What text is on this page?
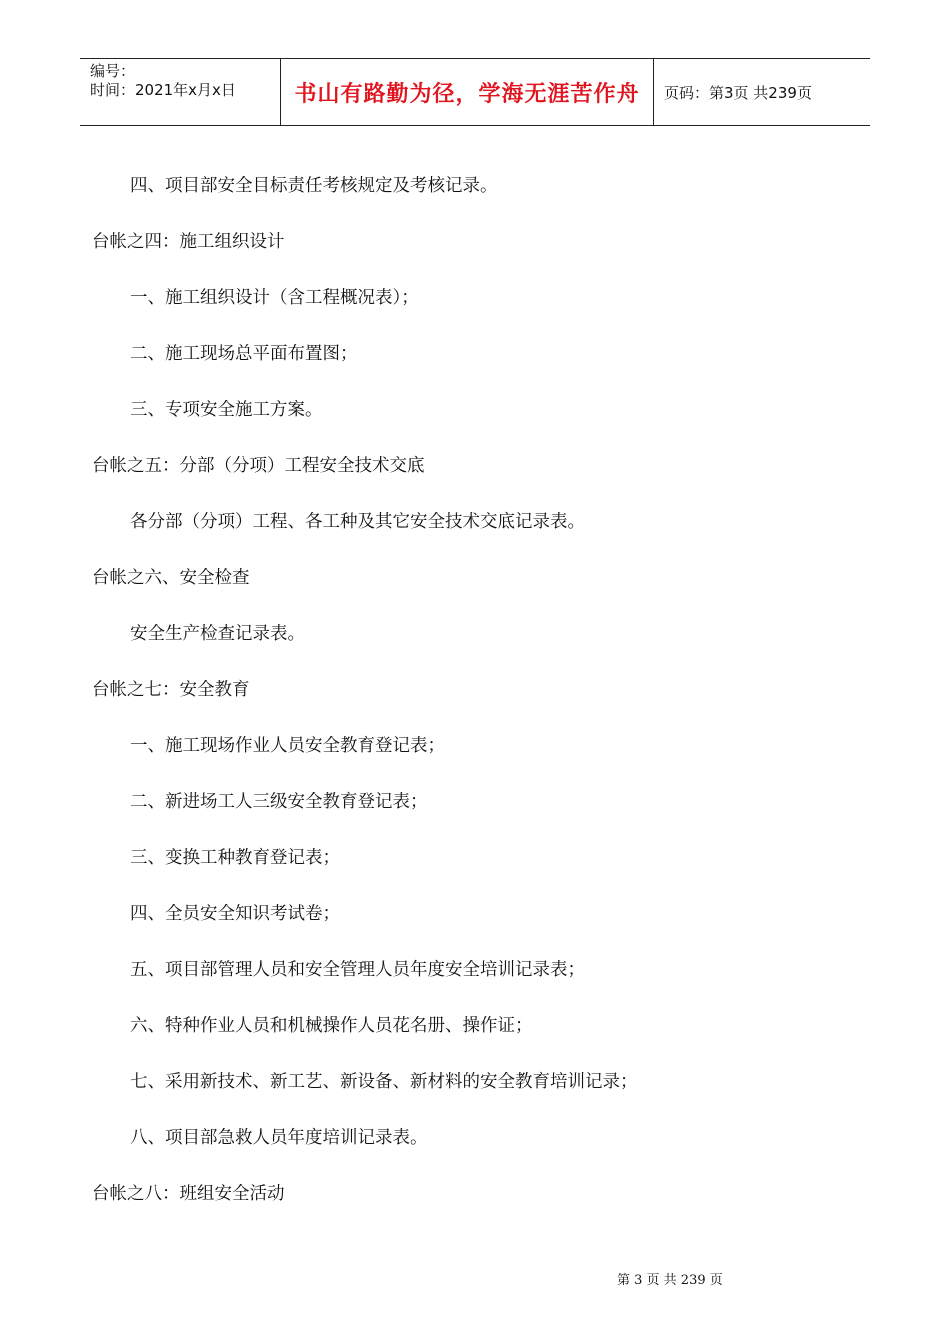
编号：
时间：2021年x月x日	书山有路勤为径，学海无涯苦作舟	页码：第3页 共239页
四、项目部安全目标责任考核规定及考核记录。
台帐之四：施工组织设计
一、施工组织设计（含工程概况表）；
二、施工现场总平面布置图；
三、专项安全施工方案。
台帐之五：分部（分项）工程安全技术交底
各分部（分项）工程、各工种及其它安全技术交底记录表。
台帐之六、安全检查
安全生产检查记录表。
台帐之七：安全教育
一、施工现场作业人员安全教育登记表；
二、新进场工人三级安全教育登记表；
三、变换工种教育登记表；
四、全员安全知识考试卷；
五、项目部管理人员和安全管理人员年度安全培训记录表；
六、特种作业人员和机械操作人员花名册、操作证；
七、采用新技术、新工艺、新设备、新材料的安全教育培训记录；
八、项目部急救人员年度培训记录表。
台帐之八：班组安全活动
第 3 页 共 239 页
